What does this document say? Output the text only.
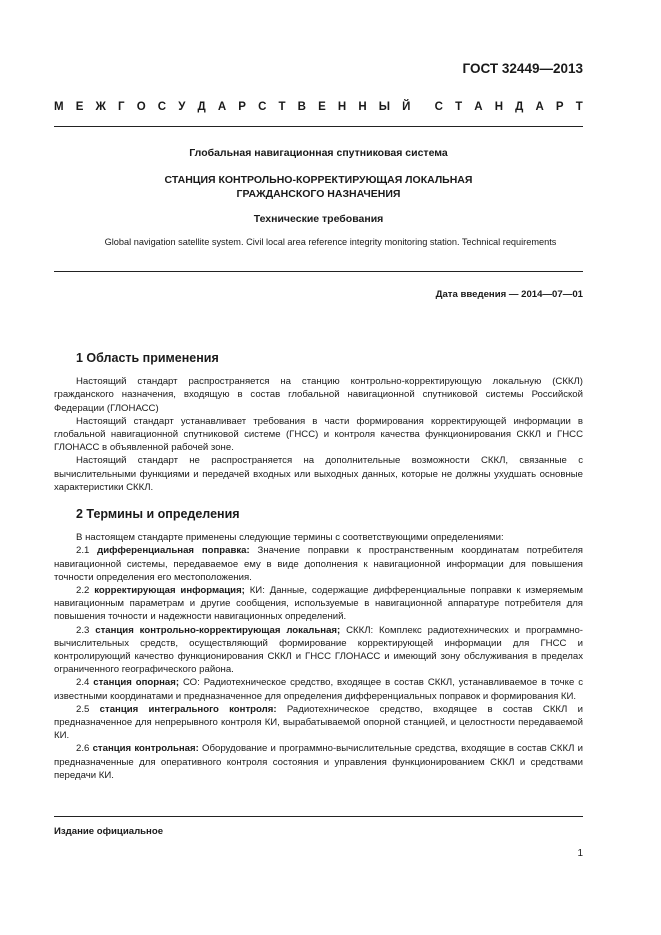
ГОСТ 32449—2013
М Е Ж Г О С У Д А Р С Т В Е Н Н Ы Й С Т А Н Д А Р Т
Глобальная навигационная спутниковая система
СТАНЦИЯ КОНТРОЛЬНО-КОРРЕКТИРУЮЩАЯ ЛОКАЛЬНАЯ
ГРАЖДАНСКОГО НАЗНАЧЕНИЯ
Технические требования
Global navigation satellite system. Civil local area reference integrity monitoring station. Technical requirements
Дата введения — 2014—07—01
1 Область применения

Настоящий стандарт распространяется на станцию контрольно-корректирующую локальную (СККЛ) гражданского назначения, входящую в состав глобальной навигационной спутниковой системы Российской Федерации (ГЛОНАСС)

Настоящий стандарт устанавливает требования в части формирования корректирующей информации в глобальной навигационной спутниковой системе (ГНСС) и контроля качества функционирования СККЛ и ГНСС ГЛОНАСС в объявленной рабочей зоне.

Настоящий стандарт не распространяется на дополнительные возможности СККЛ, связанные с вычислительными функциями и передачей входных или выходных данных, которые не должны ухудшать основные характеристики СККЛ.

2 Термины и определения

В настоящем стандарте применены следующие термины с соответствующими определениями:

2.1 дифференциальная поправка: Значение поправки к пространственным координатам потребителя навигационной системы, передаваемое ему в виде дополнения к навигационной информации для повышения точности определения его местоположения.

2.2 корректирующая информация; КИ: Данные, содержащие дифференциальные поправки к измеряемым навигационным параметрам и другие сообщения, используемые в навигационной аппаратуре потребителя для повышения точности и надежности навигационных определений.

2.3 станция контрольно-корректирующая локальная; СККЛ: Комплекс радиотехнических и программно-вычислительных средств, осуществляющий формирование корректирующей информации для ГНСС и контролирующий качество функционирования СККЛ и ГНСС ГЛОНАСС и имеющий зону обслуживания в пределах ограниченного географического района.

2.4 станция опорная; СО: Радиотехническое средство, входящее в состав СККЛ, устанавливаемое в точке с известными координатами и предназначенное для определения дифференциальных поправок и формирования КИ.

2.5 станция интегрального контроля: Радиотехническое средство, входящее в состав СККЛ и предназначенное для непрерывного контроля КИ, вырабатываемой опорной станцией, и целостности передаваемой КИ.

2.6 станция контрольная: Оборудование и программно-вычислительные средства, входящие в состав СККЛ и предназначенные для оперативного контроля состояния и управления функционированием СККЛ и средствами передачи КИ.

Издание официальное
1
